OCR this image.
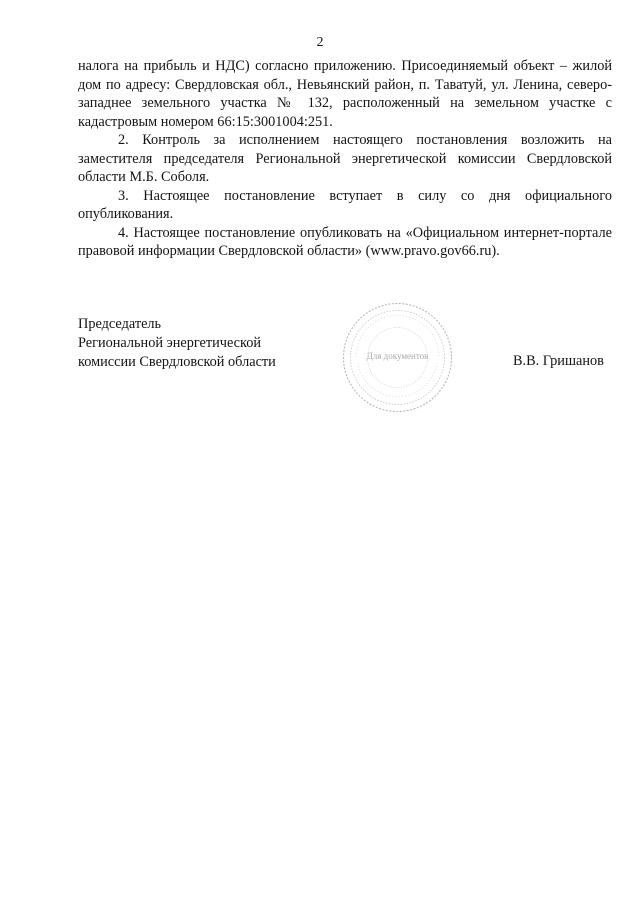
2

налога на прибыль и НДС) согласно приложению. Присоединяемый объект – жилой дом по адресу: Свердловская обл., Невьянский район, п. Таватуй, ул. Ленина, северо-западнее земельного участка № 132, расположенный на земельном участке с кадастровым номером 66:15:3001004:251.

2. Контроль за исполнением настоящего постановления возложить на заместителя председателя Региональной энергетической комиссии Свердловской области М.Б. Соболя.

3. Настоящее постановление вступает в силу со дня официального опубликования.

4. Настоящее постановление опубликовать на «Официальном интернет-портале правовой информации Свердловской области» (www.pravo.gov66.ru).

Председатель
Региональной энергетической
комиссии Свердловской области	Для документов	В.В. Гришанов
